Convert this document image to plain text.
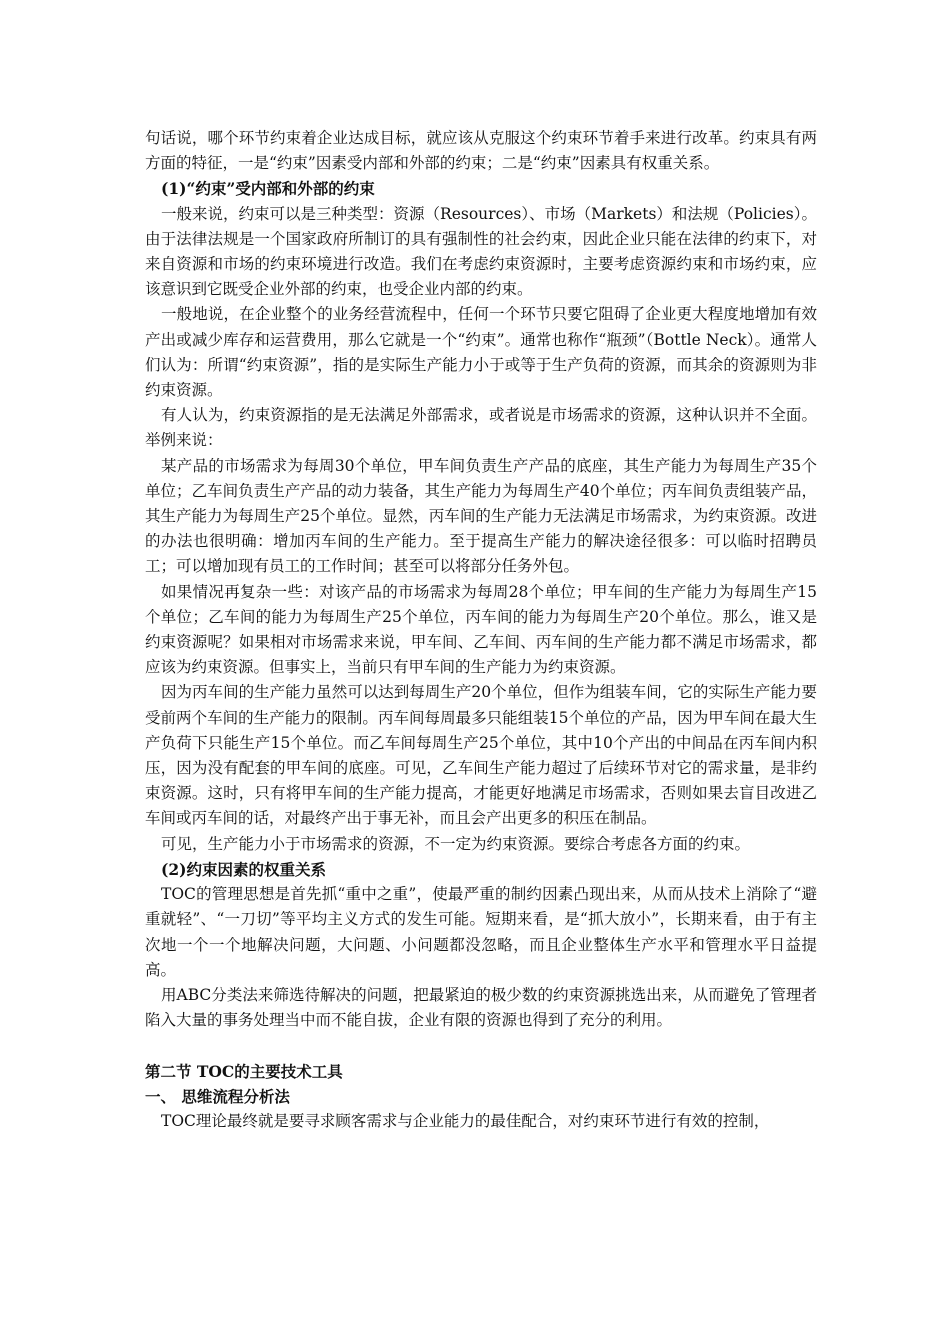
句话说，哪个环节约束着企业达成目标，就应该从克服这个约束环节着手来进行改革。约束具有两方面的特征，一是“约束”因素受内部和外部的约束；二是“约束”因素具有权重关系。

(1)“约束”受内部和外部的约束

一般来说，约束可以是三种类型：资源（Resources）、市场（Markets）和法规（Policies）。由于法律法规是一个国家政府所制订的具有强制性的社会约束，因此企业只能在法律的约束下，对来自资源和市场的约束环境进行改造。我们在考虑约束资源时，主要考虑资源约束和市场约束，应该意识到它既受企业外部的约束，也受企业内部的约束。

一般地说，在企业整个的业务经营流程中，任何一个环节只要它阻碍了企业更大程度地增加有效产出或减少库存和运营费用，那么它就是一个“约束”。通常也称作“瓶颈”（Bottle Neck）。通常人们认为：所谓“约束资源”，指的是实际生产能力小于或等于生产负荷的资源，而其余的资源则为非约束资源。

有人认为，约束资源指的是无法满足外部需求，或者说是市场需求的资源，这种认识并不全面。举例来说：

某产品的市场需求为每周30个单位，甲车间负责生产产品的底座，其生产能力为每周生产35个单位；乙车间负责生产产品的动力装备，其生产能力为每周生产40个单位；丙车间负责组装产品，其生产能力为每周生产25个单位。显然，丙车间的生产能力无法满足市场需求，为约束资源。改进的办法也很明确：增加丙车间的生产能力。至于提高生产能力的解决途径很多：可以临时招聘员工；可以增加现有员工的工作时间；甚至可以将部分任务外包。

如果情况再复杂一些：对该产品的市场需求为每周28个单位；甲车间的生产能力为每周生产15个单位；乙车间的能力为每周生产25个单位，丙车间的能力为每周生产20个单位。那么，谁又是约束资源呢？如果相对市场需求来说，甲车间、乙车间、丙车间的生产能力都不满足市场需求，都应该为约束资源。但事实上，当前只有甲车间的生产能力为约束资源。

因为丙车间的生产能力虽然可以达到每周生产20个单位，但作为组装车间，它的实际生产能力要受前两个车间的生产能力的限制。丙车间每周最多只能组装15个单位的产品，因为甲车间在最大生产负荷下只能生产15个单位。而乙车间每周生产25个单位，其中10个产出的中间品在丙车间内积压，因为没有配套的甲车间的底座。可见，乙车间生产能力超过了后续环节对它的需求量，是非约束资源。这时，只有将甲车间的生产能力提高，才能更好地满足市场需求，否则如果去盲目改进乙车间或丙车间的话，对最终产出于事无补，而且会产出更多的积压在制品。

可见，生产能力小于市场需求的资源，不一定为约束资源。要综合考虑各方面的约束。

(2)约束因素的权重关系

TOC的管理思想是首先抓“重中之重”，使最严重的制约因素凸现出来，从而从技术上消除了“避重就轻”、“一刀切”等平均主义方式的发生可能。短期来看，是“抓大放小”，长期来看，由于有主次地一个一个地解决问题，大问题、小问题都没忽略，而且企业整体生产水平和管理水平日益提高。

用ABC分类法来筛选待解决的问题，把最紧迫的极少数的约束资源挑选出来，从而避免了管理者陷入大量的事务处理当中而不能自拔，企业有限的资源也得到了充分的利用。

第二节 TOC的主要技术工具

一、 思维流程分析法

TOC理论最终就是要寻求顾客需求与企业能力的最佳配合，对约束环节进行有效的控制，
